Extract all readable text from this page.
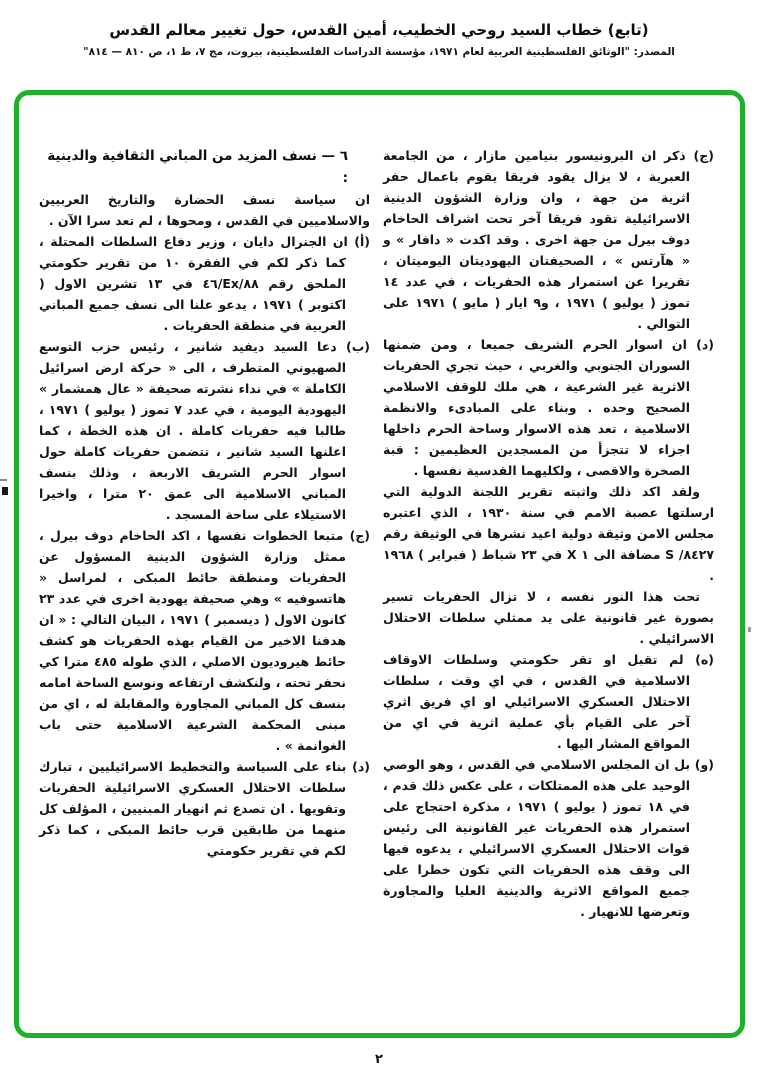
(تابع) خطاب السيد روحي الخطيب، أمين القدس، حول تغيير معالم القدس
المصدر: "الوثائق الفلسطينية العربية لعام ١٩٧١، مؤسسة الدراسات الفلسطينية، بيروت، مج ٧، ط ١، ص ٨١٠ — ٨١٤"

(ج) ذكر ان البرونيسور بنيامين مازار ، من الجامعة العبرية ، لا يزال يقود فريقا يقوم باعمال حفر اثرية من جهة ، وان وزارة الشؤون الدينية الاسرائيلية تقود فريقا آخر تحت اشراف الحاخام دوف بيرل من جهة اخرى . وقد اكدت « دافار » و « هآرتس » ، الصحيفتان اليهوديتان اليوميتان ، تقريرا عن استمرار هذه الحفريات ، في عدد ١٤ تموز ( يوليو ) ١٩٧١ ، و٩ ايار ( مايو ) ١٩٧١ على التوالي .

(د) ان اسوار الحرم الشريف جميعا ، ومن ضمنها السوران الجنوبي والغربي ، حيث تجري الحفريات الاثرية غير الشرعية ، هي ملك للوقف الاسلامي الصحيح وحده . وبناء على المبادىء والانظمة الاسلامية ، تعد هذه الاسوار وساحة الحرم داخلها اجزاء لا تتجزأ من المسجدين العظيمين : قبة الصخرة والاقصى ، ولكليهما القدسية نفسها .

ولقد اكد ذلك واثبته تقرير اللجنة الدولية التي ارسلتها عصبة الامم في سنة ١٩٣٠ ، الذي اعتبره مجلس الامن وثيقة دولية اعيد نشرها في الوثيقة رقم ٨٤٢٧/ S مضافة الى ١ X في ٢٣ شباط ( فبراير ) ١٩٦٨ .

تحت هذا النور نفسه ، لا تزال الحفريات تسير بصورة غير قانونية على يد ممثلي سلطات الاحتلال الاسرائيلي .

(ه) لم تقبل او تقر حكومتي وسلطات الاوقاف الاسلامية في القدس ، في اي وقت ، سلطات الاحتلال العسكري الاسرائيلي او اي فريق اثري آخر على القيام بأي عملية اثرية في اي من المواقع المشار اليها .

(و) بل ان المجلس الاسلامي في القدس ، وهو الوصي الوحيد على هذه الممتلكات ، على عكس ذلك قدم ، في ١٨ تموز ( يوليو ) ١٩٧١ ، مذكرة احتجاج على استمرار هذه الحفريات غير القانونية الى رئيس قوات الاحتلال العسكري الاسرائيلي ، يدعوه فيها الى وقف هذه الحفريات التي تكون خطرا على جميع المواقع الاثرية والدينية العليا والمجاورة وتعرضها للانهيار .

٦ — نسف المزيد من المباني الثقافية والدينية :

ان سياسة نسف الحضارة والتاريخ العربيين والاسلاميين في القدس ، ومحوها ، لم تعد سرا الآن .

(أ) ان الجنرال دايان ، وزير دفاع السلطات المحتلة ، كما ذكر لكم في الفقرة ١٠ من تقرير حكومتي الملحق رقم ٨٨/Ex/٤٦ في ١٣ تشرين الاول ( اكتوبر ) ١٩٧١ ، يدعو علنا الى نسف جميع المباني العربية في منطقة الحفريات .

(ب) دعا السيد ديفيد شانير ، رئيس حزب التوسع الصهيوني المتطرف ، الى « حركة ارض اسرائيل الكاملة » في نداء نشرته صحيفة « عال همشمار » اليهودية اليومية ، في عدد ٧ تموز ( يوليو ) ١٩٧١ ، طالبا فيه حفريات كاملة . ان هذه الخطة ، كما اعلنها السيد شانير ، تتضمن حفريات كاملة حول اسوار الحرم الشريف الاربعة ، وذلك بنسف المباني الاسلامية الى عمق ٢٠ مترا ، واخيرا الاستيلاء على ساحة المسجد .

(ج) متبعا الخطوات نفسها ، اكد الحاخام دوف بيرل ، ممثل وزارة الشؤون الدينية المسؤول عن الحفريات ومنطقة حائط المبكى ، لمراسل « هاتسوفيه » وهي صحيفة يهودية اخرى في عدد ٢٣ كانون الاول ( ديسمبر ) ١٩٧١ ، البيان التالي : « ان هدفنا الاخير من القيام بهذه الحفريات هو كشف حائط هيروديون الاصلي ، الذي طوله ٤٨٥ مترا كي نحفر تحته ، ولنكشف ارتفاعه ونوسع الساحة امامه بنسف كل المباني المجاورة والمقابلة له ، اي من مبنى المحكمة الشرعية الاسلامية حتى باب الغوانمة » .

(د) بناء على السياسة والتخطيط الاسرائيليين ، تبارك سلطات الاحتلال العسكري الاسرائيلية الحفريات وتقويها . ان تصدع ثم انهيار المبنيين ، المؤلف كل منهما من طابقين قرب حائط المبكى ، كما ذكر لكم في تقرير حكومتي

٢
